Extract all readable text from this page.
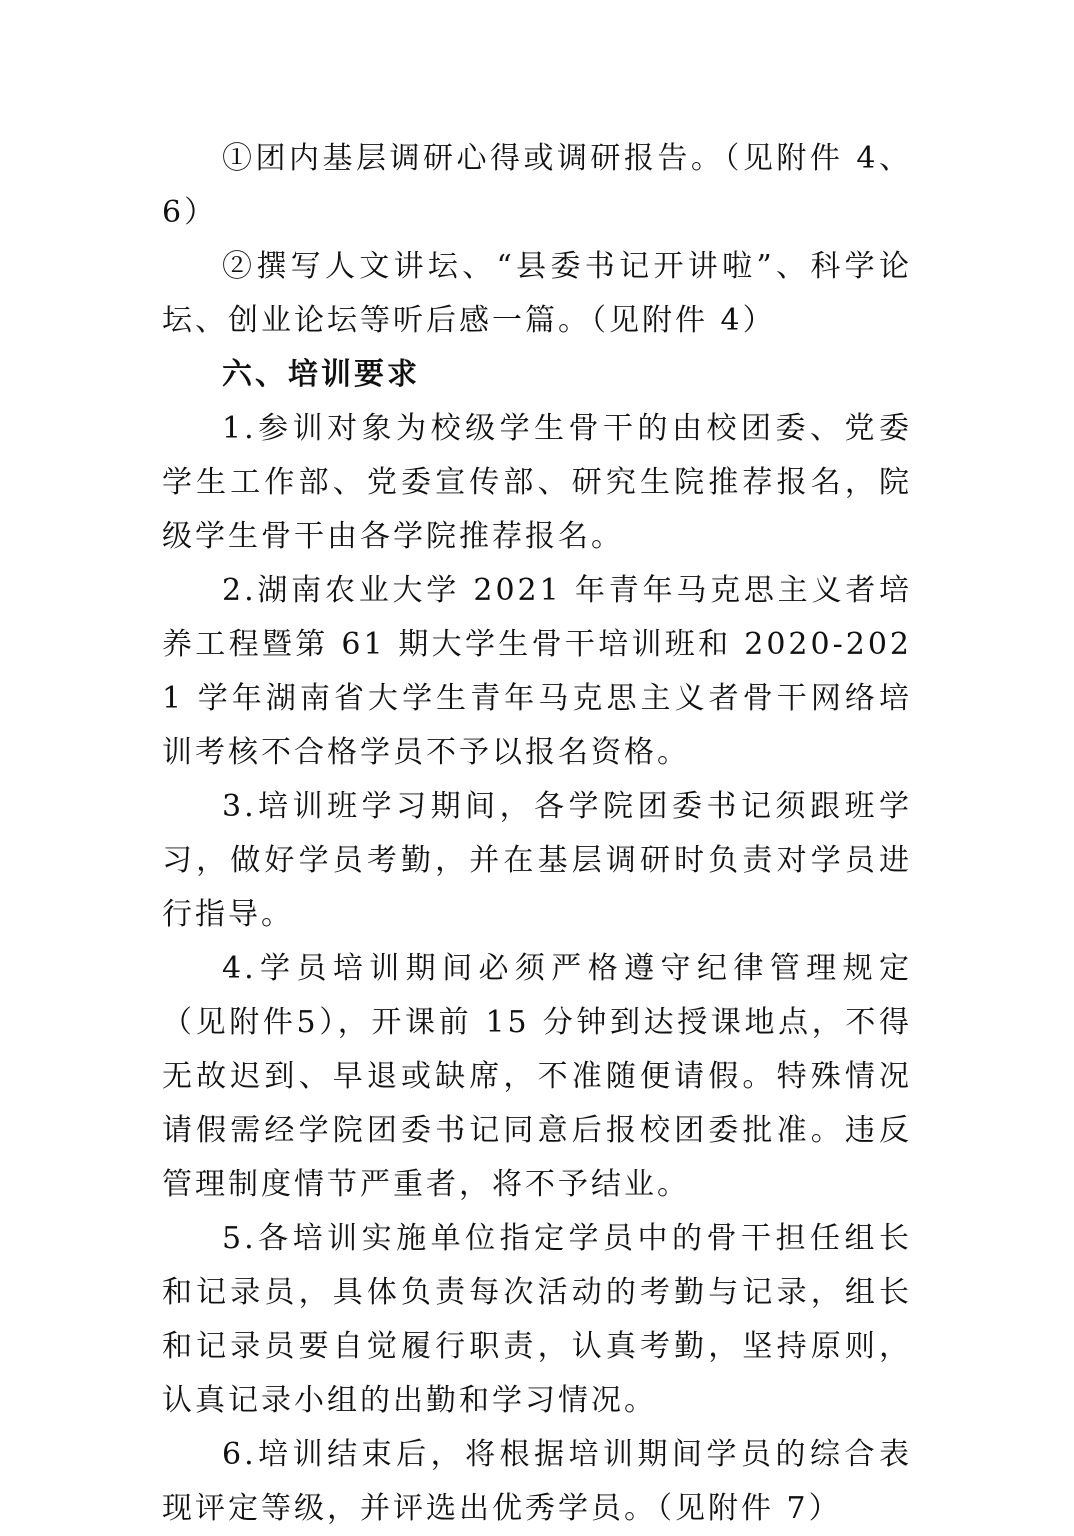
①团内基层调研心得或调研报告。（见附件 4、6）

②撰写人文讲坛、“县委书记开讲啦”、科学论坛、创业论坛等听后感一篇。（见附件 4）

六、培训要求

1.参训对象为校级学生骨干的由校团委、党委学生工作部、党委宣传部、研究生院推荐报名，院级学生骨干由各学院推荐报名。

2.湖南农业大学 2021 年青年马克思主义者培养工程暨第 61 期大学生骨干培训班和 2020-2021 学年湖南省大学生青年马克思主义者骨干网络培训考核不合格学员不予以报名资格。

3.培训班学习期间，各学院团委书记须跟班学习，做好学员考勤，并在基层调研时负责对学员进行指导。

4.学员培训期间必须严格遵守纪律管理规定（见附件5），开课前 15 分钟到达授课地点，不得无故迟到、早退或缺席，不准随便请假。特殊情况请假需经学院团委书记同意后报校团委批准。违反管理制度情节严重者，将不予结业。

5.各培训实施单位指定学员中的骨干担任组长和记录员，具体负责每次活动的考勤与记录，组长和记录员要自觉履行职责，认真考勤，坚持原则，认真记录小组的出勤和学习情况。

6.培训结束后，将根据培训期间学员的综合表现评定等级，并评选出优秀学员。（见附件 7）
